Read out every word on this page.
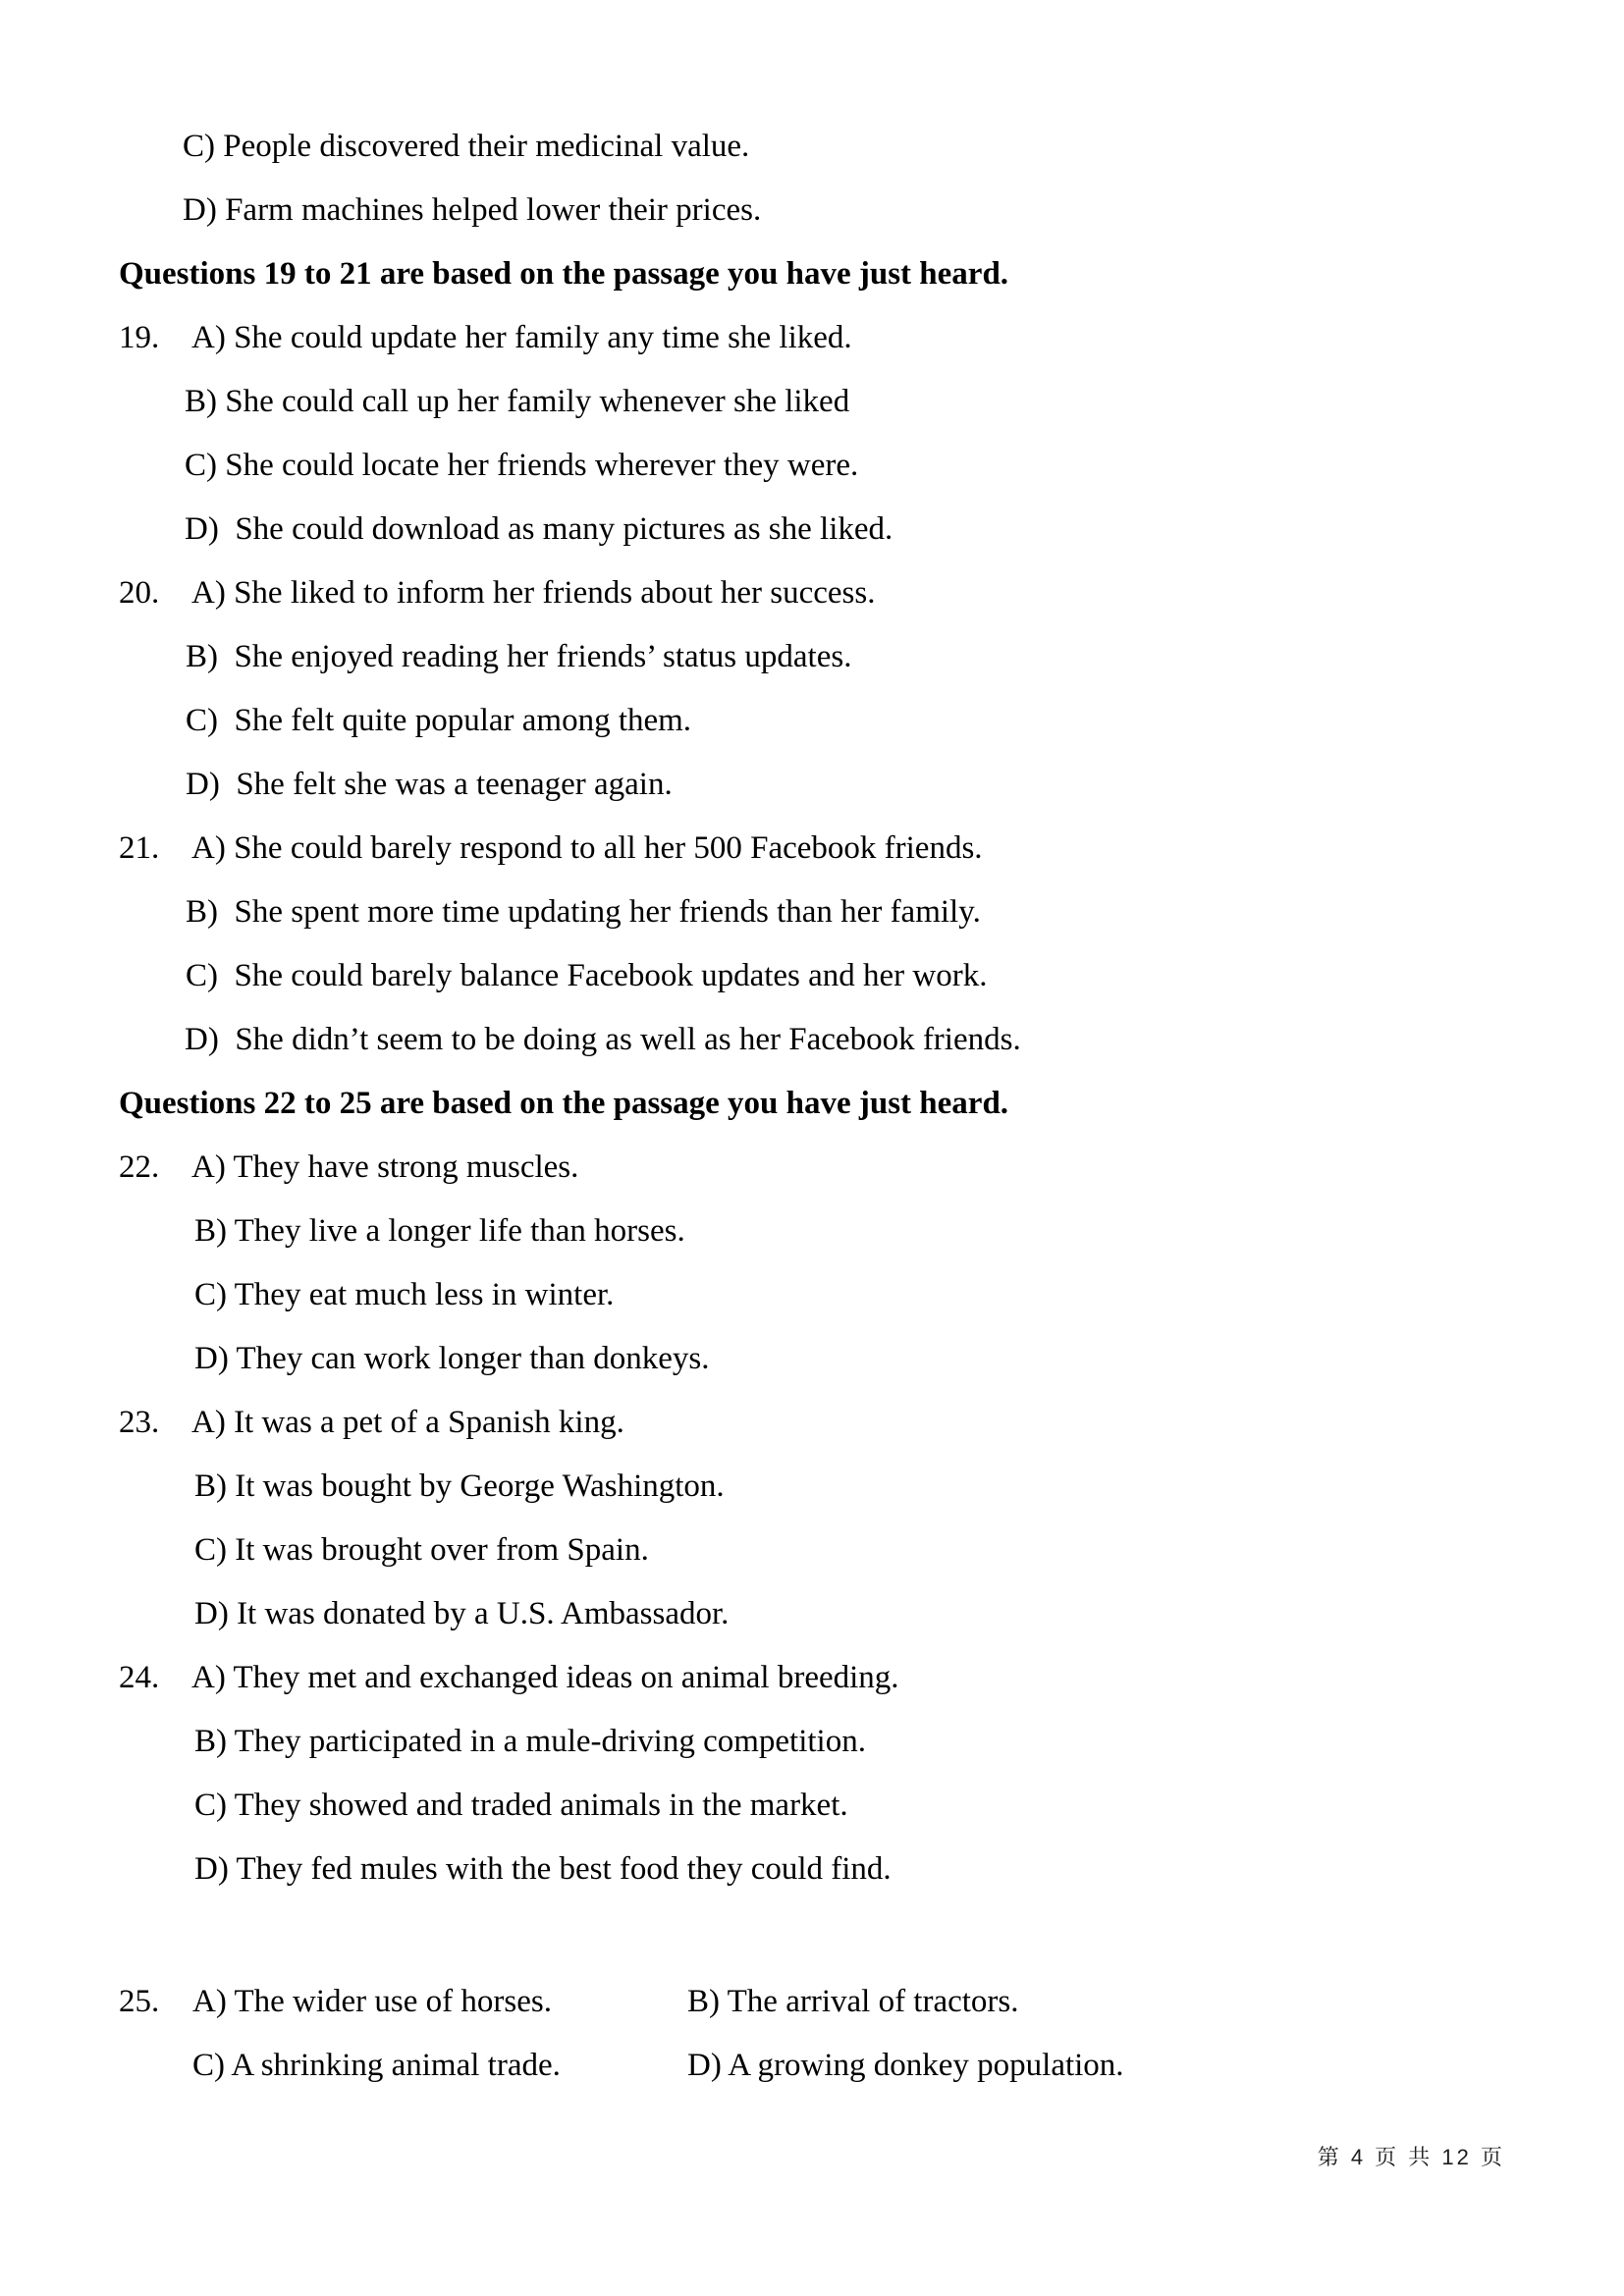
C) People discovered their medicinal value.
D) Farm machines helped lower their prices.
Questions 19 to 21 are based on the passage you have just heard.
19. A) She could update her family any time she liked.
B) She could call up her family whenever she liked
C) She could locate her friends wherever they were.
D)  She could download as many pictures as she liked.
20. A) She liked to inform her friends about her success.
B)  She enjoyed reading her friends’ status updates.
C)  She felt quite popular among them.
D)  She felt she was a teenager again.
21. A) She could barely respond to all her 500 Facebook friends.
B)  She spent more time updating her friends than her family.
C)  She could barely balance Facebook updates and her work.
D)  She didn’t seem to be doing as well as her Facebook friends.
Questions 22 to 25 are based on the passage you have just heard.
22. A) They have strong muscles.
B) They live a longer life than horses.
C) They eat much less in winter.
D) They can work longer than donkeys.
23. A) It was a pet of a Spanish king.
B) It was bought by George Washington.
C) It was brought over from Spain.
D) It was donated by a U.S. Ambassador.
24. A) They met and exchanged ideas on animal breeding.
B) They participated in a mule-driving competition.
C) They showed and traded animals in the market.
D) They fed mules with the best food they could find.
25. A) The wider use of horses.	B) The arrival of tractors.
C) A shrinking animal trade.	D) A growing donkey population.
第 4 页 共 12 页
